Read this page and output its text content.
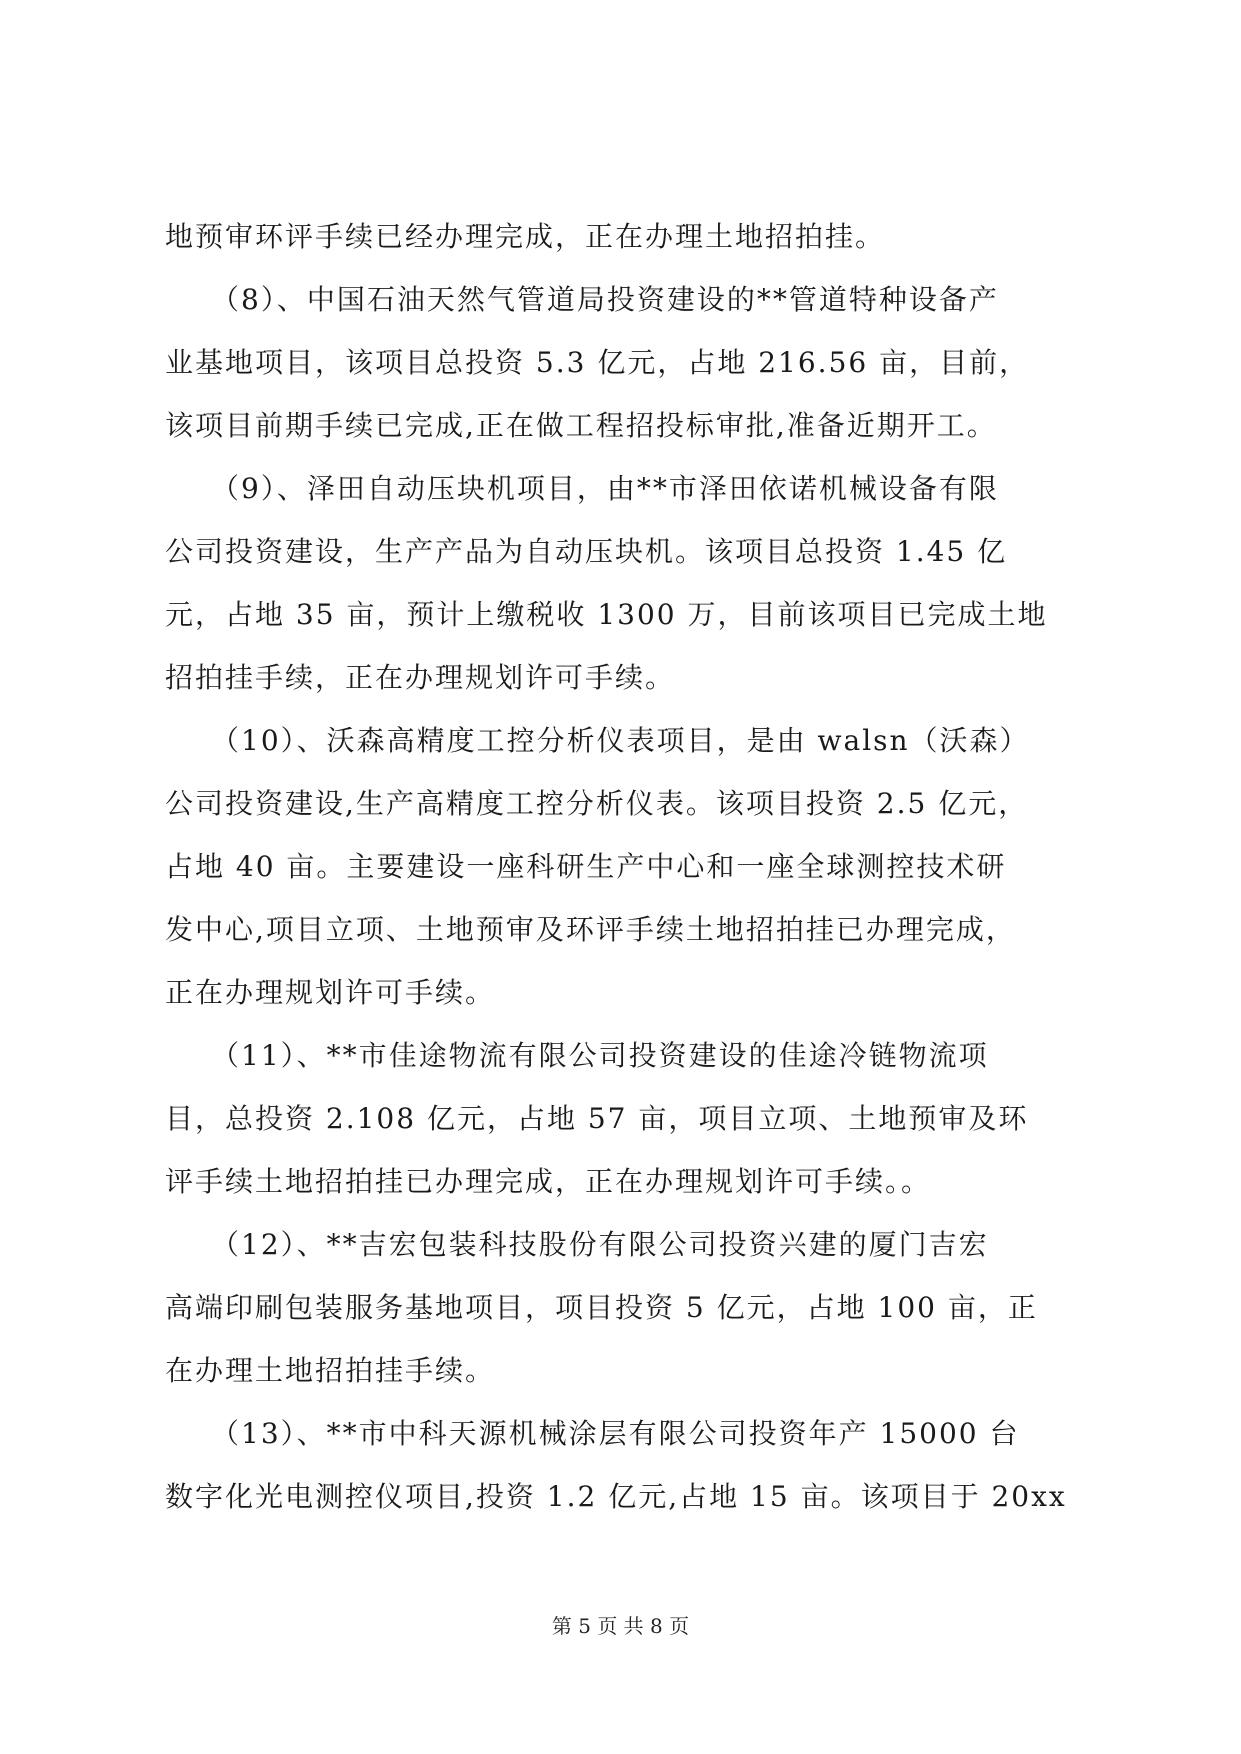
地预审环评手续已经办理完成，正在办理土地招拍挂。
　　（8）、中国石油天然气管道局投资建设的**管道特种设备产
业基地项目，该项目总投资 5.3 亿元，占地 216.56 亩，目前，
该项目前期手续已完成,正在做工程招投标审批,准备近期开工。
　　（9）、泽田自动压块机项目，由**市泽田依诺机械设备有限
公司投资建设，生产产品为自动压块机。该项目总投资 1.45 亿
元，占地 35 亩，预计上缴税收 1300 万，目前该项目已完成土地
招拍挂手续，正在办理规划许可手续。
　　（10）、沃森高精度工控分析仪表项目，是由 walsn（沃森）
公司投资建设,生产高精度工控分析仪表。该项目投资 2.5 亿元，
占地 40 亩。主要建设一座科研生产中心和一座全球测控技术研
发中心,项目立项、土地预审及环评手续土地招拍挂已办理完成，
正在办理规划许可手续。
　　（11）、**市佳途物流有限公司投资建设的佳途冷链物流项
目，总投资 2.108 亿元，占地 57 亩，项目立项、土地预审及环
评手续土地招拍挂已办理完成，正在办理规划许可手续。。
　　（12）、**吉宏包装科技股份有限公司投资兴建的厦门吉宏
高端印刷包装服务基地项目，项目投资 5 亿元，占地 100 亩，正
在办理土地招拍挂手续。
　　（13）、**市中科天源机械涂层有限公司投资年产 15000 台
数字化光电测控仪项目,投资 1.2 亿元,占地 15 亩。该项目于 20xx
第 5 页 共 8 页
